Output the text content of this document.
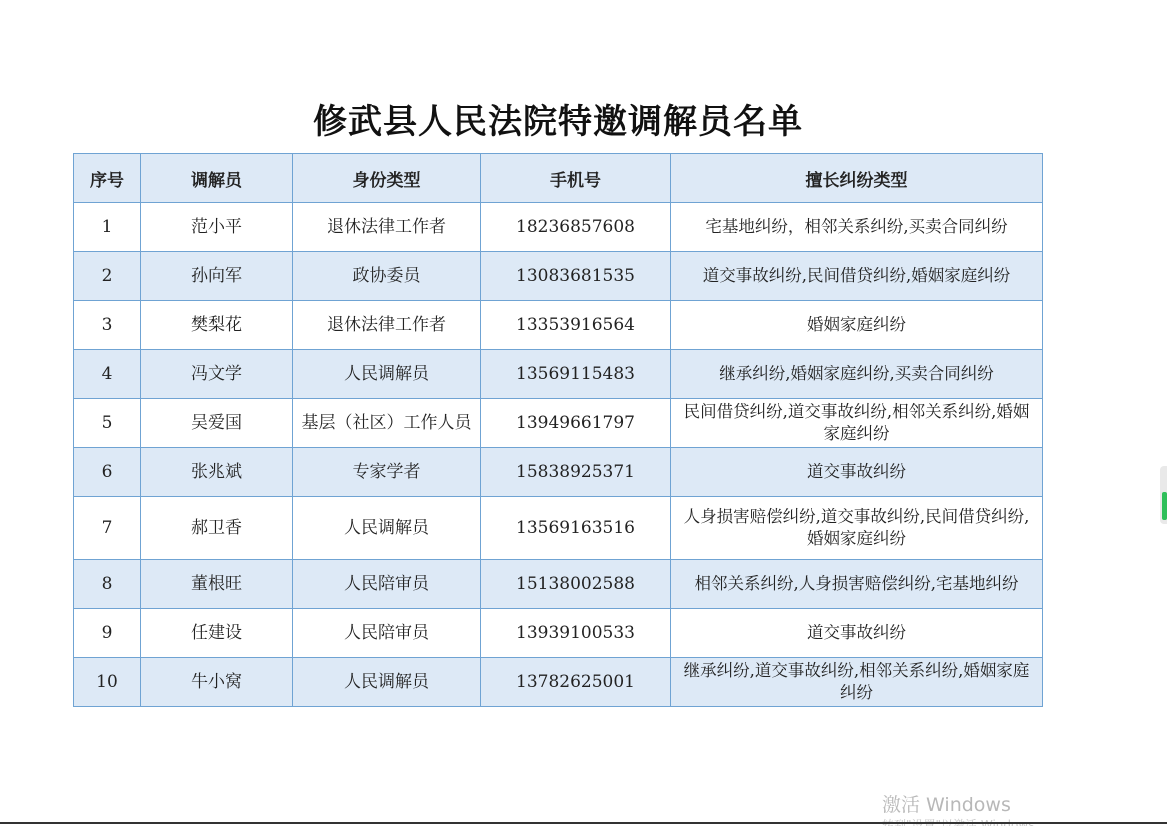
修武县人民法院特邀调解员名单
序号	调解员	身份类型	手机号	擅长纠纷类型
1	范小平	退休法律工作者	18236857608	宅基地纠纷，相邻关系纠纷,买卖合同纠纷
2	孙向军	政协委员	13083681535	道交事故纠纷,民间借贷纠纷,婚姻家庭纠纷
3	樊梨花	退休法律工作者	13353916564	婚姻家庭纠纷
4	冯文学	人民调解员	13569115483	继承纠纷,婚姻家庭纠纷,买卖合同纠纷
5	吴爱国	基层（社区）工作人员	13949661797	民间借贷纠纷,道交事故纠纷,相邻关系纠纷,婚姻家庭纠纷
6	张兆斌	专家学者	15838925371	道交事故纠纷
7	郝卫香	人民调解员	13569163516	人身损害赔偿纠纷,道交事故纠纷,民间借贷纠纷,婚姻家庭纠纷
8	董根旺	人民陪审员	15138002588	相邻关系纠纷,人身损害赔偿纠纷,宅基地纠纷
9	任建设	人民陪审员	13939100533	道交事故纠纷
10	牛小窝	人民调解员	13782625001	继承纠纷,道交事故纠纷,相邻关系纠纷,婚姻家庭纠纷
激活 Windows
